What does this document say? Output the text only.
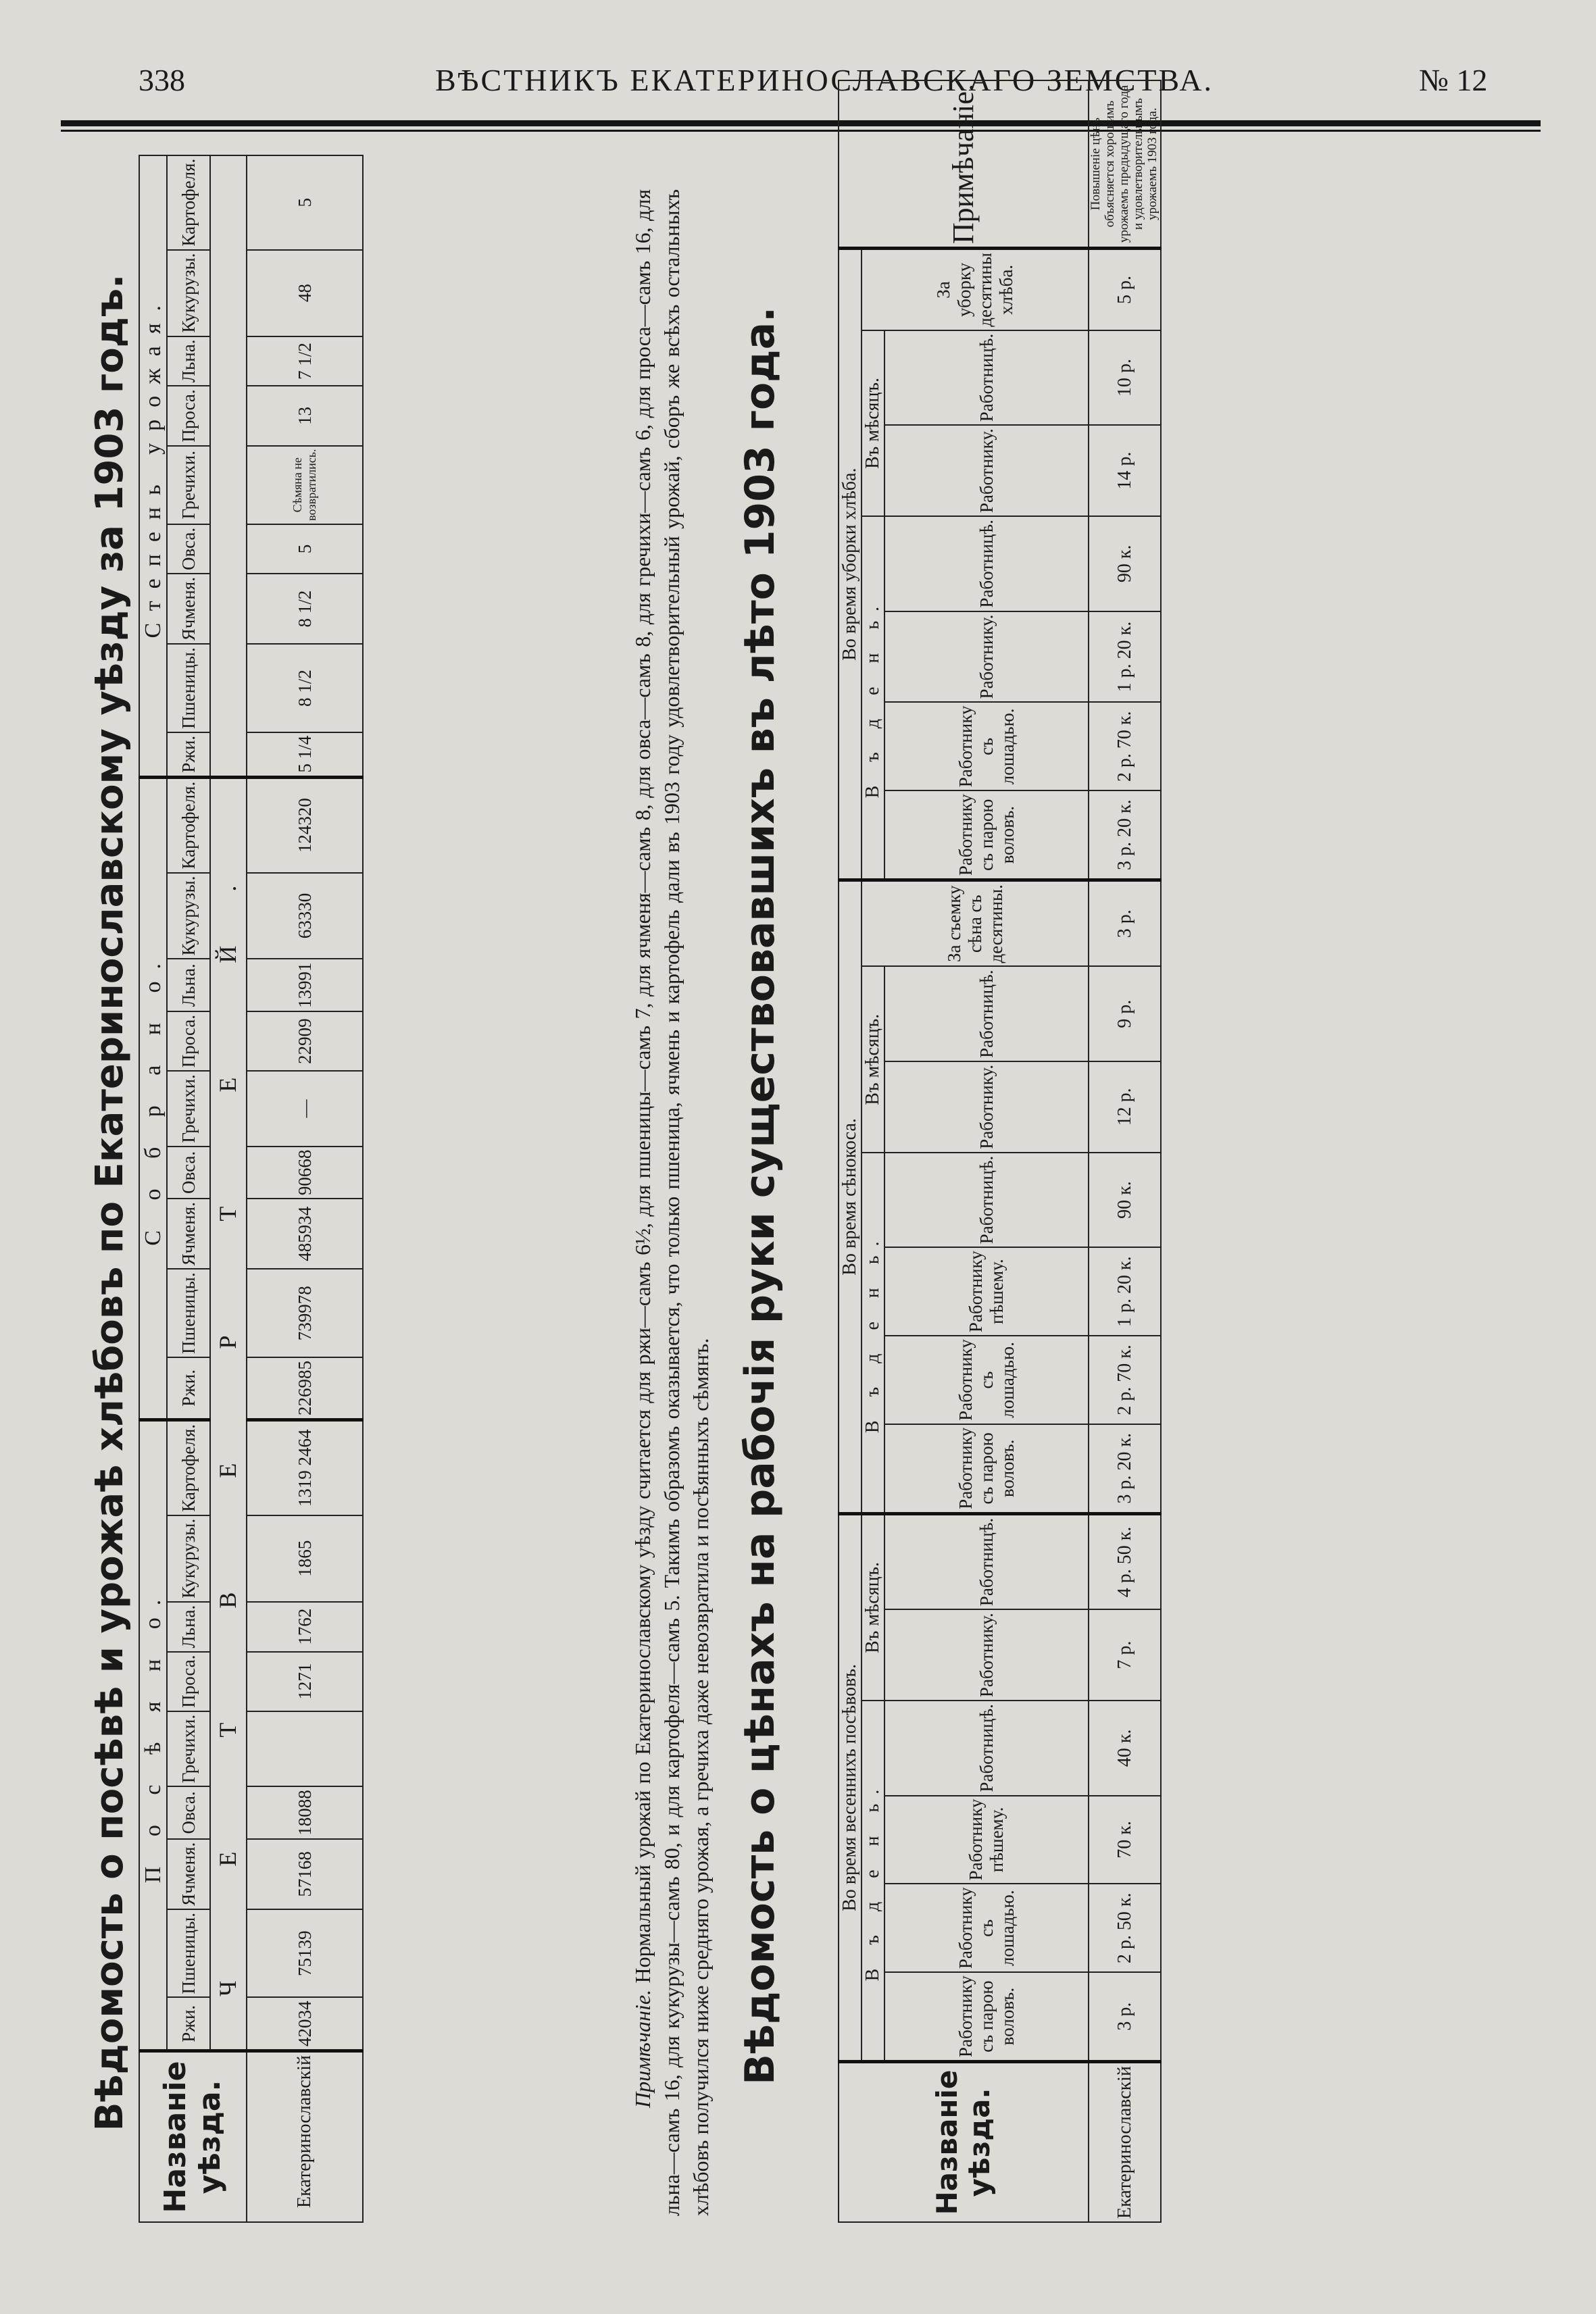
338	ВѢСТНИКЪ ЕКАТЕРИНОСЛАВСКАГО ЗЕМСТВА.	№ 12
Вѣдомость о посѣвѣ и урожаѣ хлѣбовъ по Екатеринославскому уѣзду за 1903 годъ.
Названіе уѣзда.	П о с ѣ я н о.									С о б р а н о.									Степень урожая.								
	Ржи.	Пшеницы.	Ячменя.	Овса.	Гречихи.	Проса.	Льна.	Кукурузы.	Картофеля.	Ржи.	Пшеницы.	Ячменя.	Овса.	Гречихи.	Проса.	Льна.	Кукурузы.	Картофеля.	Ржи.	Пшеницы.	Ячменя.	Овса.	Гречихи.	Проса.	Льна.	Кукурузы.	Картофеля.
	Ч Е Т В Е Р Т Е Й.																										
Екатеринославскій	42034	75139	57168	18088		1271	1762	1865	1319 2464	226985	739978	485934	90668	—	22909	13991	63330	124320	5 1/4	8 1/2	8 1/2	5	Сѣмяна не возвратились.	13	7 1/2	48	5
Примѣчаніе. Нормальный урожай по Екатеринославскому уѣзду считается для ржи—самъ 6½, для пшеницы—самъ 7, для ячменя—самъ 8, для овса—самъ 8, для гречихи—самъ 6, для проса—самъ 16, для льна—самъ 16, для кукурузы—самъ 80, и для картофеля—самъ 5. Такимъ образомъ оказывается, что только пшеница, ячмень и картофель дали въ 1903 году удовлетворительный урожай, сборъ же всѣхъ остальныхъ хлѣбовъ получился ниже средняго урожая, а гречиха даже невозвратила и посѣянныхъ сѣмянъ. Вѣдомость о цѣнахъ на рабочія руки существовавшихъ въ лѣто 1903 года.
Названіе уѣзда.	Во время весеннихъ посѣвовъ.						Во время сѣнокоса.							Во время уборки хлѣба.							Примѣчаніе.
	В ъ д е н ь.				Въ мѣсяцъ.		В ъ д е н ь.				Въ мѣсяцъ.		За съемку сѣна съ десятины.	В ъ д е н ь.				Въ мѣсяцъ.		За уборку десятины хлѣба.	
	Работнику съ парою воловъ.	Работнику съ лошадью.	Работнику пѣшему.	Работницѣ.	Работнику.	Работницѣ.	Работнику съ парою воловъ.	Работнику съ лошадью.	Работнику пѣшему.	Работницѣ.	Работнику.	Работницѣ.		Работнику съ парою воловъ.	Работнику съ лошадью.	Работнику.	Работницѣ.	Работнику.	Работницѣ.		
Екатеринославскій	3 р.	2 р. 50 к.	70 к.	40 к.	7 р.	4 р. 50 к.	3 р. 20 к.	2 р. 70 к.	1 р. 20 к.	90 к.	12 р.	9 р.	3 р.	3 р. 20 к.	2 р. 70 к.	1 р. 20 к.	90 к.	14 р.	10 р.	5 р.	Повышеніе цѣнъ объясняется хорошимъ урожаемъ предыдущаго года и удовлетворительнымъ урожаемъ 1903 года.
